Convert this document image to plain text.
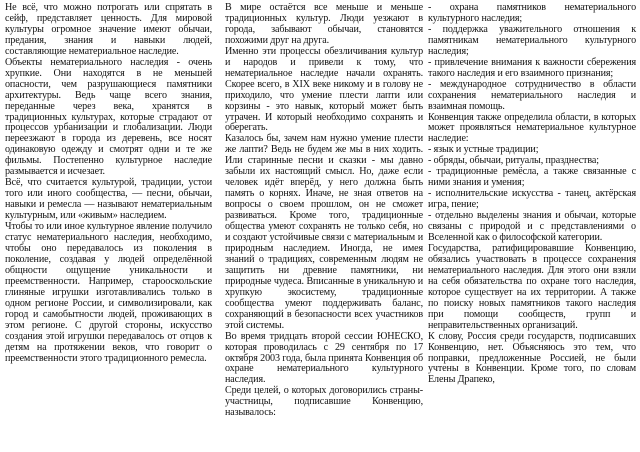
Не всё, что можно потрогать или спрятать в сейф, представляет ценность. Для мировой культуры огромное значение имеют обычаи, предания, знания и навыки людей, составляющие нематериальное наследие.

Объекты нематериального наследия - очень хрупкие. Они находятся в не меньшей опасности, чем разрушающиеся памятники архитектуры. Ведь чаще всего знания, переданные через века, хранятся в традиционных культурах, которые страдают от процессов урбанизации и глобализации. Люди переезжают в города из деревень, все носят одинаковую одежду и смотрят одни и те же фильмы. Постепенно культурное наследие размывается и исчезает.

Всё, что считается культурой, традиции, устои того или иного сообщества, — песни, обычаи, навыки и ремесла — называют нематериальным культурным, или «живым» наследием.

Чтобы то или иное культурное явление получило статус нематериального наследия, необходимо, чтобы оно передавалось из поколения в поколение, создавая у людей определённой общности ощущение уникальности и преемственности. Например, старооскольские глиняные игрушки изготавливались только в одном регионе России, и символизировали, как город и самобытности людей, проживающих в этом регионе. С другой стороны, искусство создания этой игрушки передавалось от отцов к детям на протяжении веков, что говорит о преемственности этого традиционного ремесла.

В мире остаётся все меньше и меньше традиционных культур. Люди уезжают в города, забывают обычаи, становятся похожими друг на друга.

Именно эти процессы обезличивания культур и народов и привели к тому, что нематериальное наследие начали охранять. Скорее всего, в XIX веке никому и в голову не приходило, что умение плести лапти или корзины - это навык, который может быть утрачен. И который необходимо сохранять и оберегать.

Казалось бы, зачем нам нужно умение плести же лапти? Ведь не будем же мы в них ходить. Или старинные песни и сказки - мы давно забыли их настоящий смысл. Но, даже если человек идёт вперёд, у него должна быть память о корнях. Иначе, не зная ответов на вопросы о своем прошлом, он не сможет развиваться. Кроме того, традиционные общества умеют сохранять не только себя, но и создают устойчивые связи с материальным и природным наследием. Иногда, не имея знаний о традициях, современным людям не защитить ни древние памятники, ни природные чудеса. Вписанные в уникальную и хрупкую экосистему, традиционные сообщества умеют поддерживать баланс, сохраняющий в безопасности всех участников этой системы.

Во время тридцать второй сессии ЮНЕСКО, которая проводилась с 29 сентября по 17 октября 2003 года, была принята Конвенция об охране нематериального культурного наследия.

Среди целей, о которых договорились страны-участницы, подписавшие Конвенцию, называлось:

- охрана памятников нематериального культурного наследия;

- поддержка уважительного отношения к памятникам нематериального культурного наследия;

- привлечение внимания к важности сбережения такого наследия и его взаимного признания;

- международное сотрудничество в области сохранения нематериального наследия и взаимная помощь.

Конвенция также определила области, в которых может проявляться нематериальное культурное наследие:

- язык и устные традиции;

- обряды, обычаи, ритуалы, празднества;

- традиционные ремёсла, а также связанные с ними знания и умения;

- исполнительские искусства - танец, актёрская игра, пение;

- отдельно выделены знания и обычаи, которые связаны с природой и с представлениями о Вселенной как о философской категории.

Государства, ратифицировавшие Конвенцию, обязались участвовать в процессе сохранения нематериального наследия. Для этого они взяли на себя обязательства по охране того наследия, которое существует на их территории. А также по поиску новых памятников такого наследия при помощи сообществ, групп и неправительственных организаций.

К слову, Россия среди государств, подписавших Конвенцию, нет. Объясняюсь это тем, что поправки, предложенные Россией, не были учтены в Конвенции. Кроме того, по словам Елены Драпеко,
